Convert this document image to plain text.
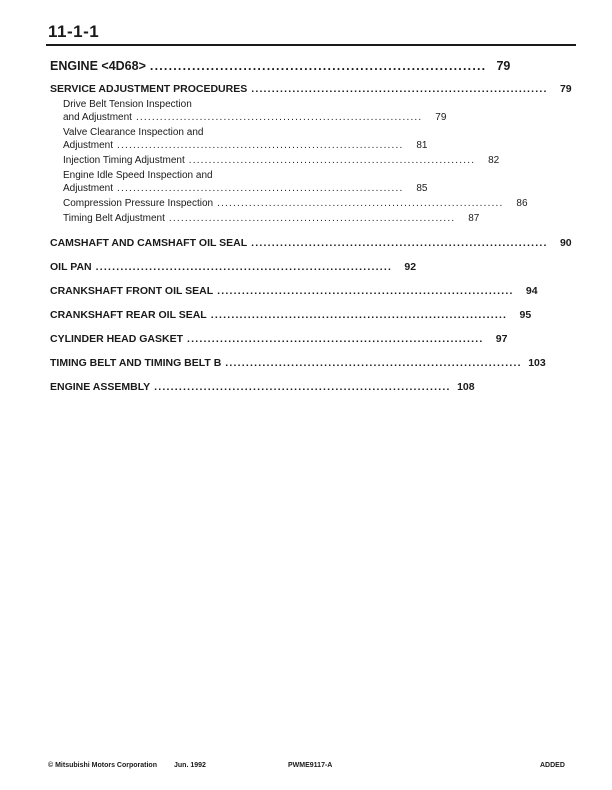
11-1-1
ENGINE <4D68> ........................................................................ 79
SERVICE ADJUSTMENT PROCEDURES ........................................................................	79
Drive Belt Tension Inspection
and Adjustment ........................................................................	79
Valve Clearance Inspection and
Adjustment ........................................................................	81
Injection Timing Adjustment ........................................................................	82
Engine Idle Speed Inspection and
Adjustment ........................................................................	85
Compression Pressure Inspection ........................................................................	86
Timing Belt Adjustment ........................................................................	87
CAMSHAFT AND CAMSHAFT OIL SEAL ........................................................................	90
OIL PAN ........................................................................	92
CRANKSHAFT FRONT OIL SEAL ........................................................................	94
CRANKSHAFT REAR OIL SEAL ........................................................................	95
CYLINDER HEAD GASKET ........................................................................	97
TIMING BELT AND TIMING BELT B ........................................................................ 103
ENGINE ASSEMBLY ........................................................................ 108
© Mitsubishi Motors Corporation Jun. 1992	PWME9117-A	ADDED
